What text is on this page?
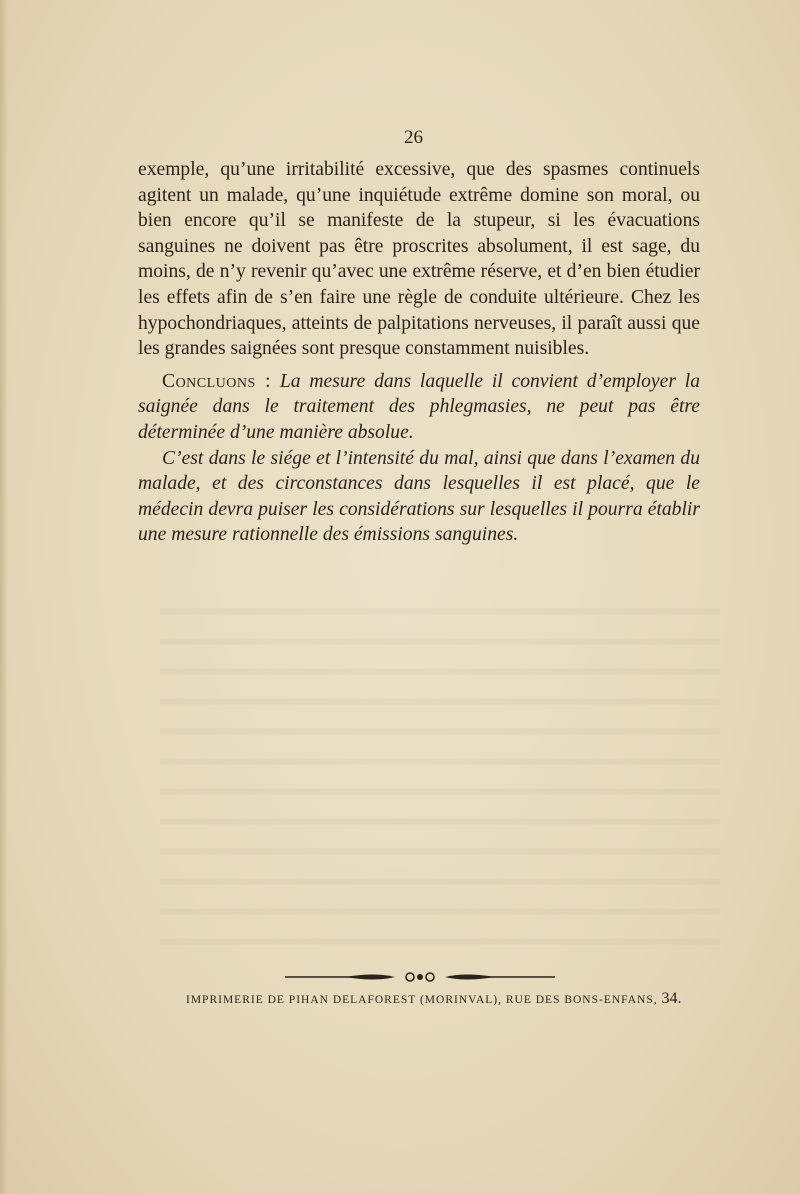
26

exemple, qu’une irritabilité excessive, que des spasmes continuels agitent un malade, qu’une inquiétude extrême domine son moral, ou bien encore qu’il se manifeste de la stupeur, si les évacuations sanguines ne doivent pas être proscrites absolument, il est sage, du moins, de n’y revenir qu’avec une extrême réserve, et d’en bien étudier les effets afin de s’en faire une règle de conduite ultérieure. Chez les hypochondriaques, atteints de palpitations nerveuses, il paraît aussi que les grandes saignées sont presque constamment nuisibles.

Concluons : La mesure dans laquelle il convient d’employer la saignée dans le traitement des phlegmasies, ne peut pas être déterminée d’une manière absolue.

C’est dans le siége et l’intensité du mal, ainsi que dans l’examen du malade, et des circonstances dans lesquelles il est placé, que le médecin devra puiser les considérations sur lesquelles il pourra établir une mesure rationnelle des émissions sanguines.

IMPRIMERIE DE PIHAN DELAFOREST (MORINVAL), RUE DES BONS-ENFANS, 34.
